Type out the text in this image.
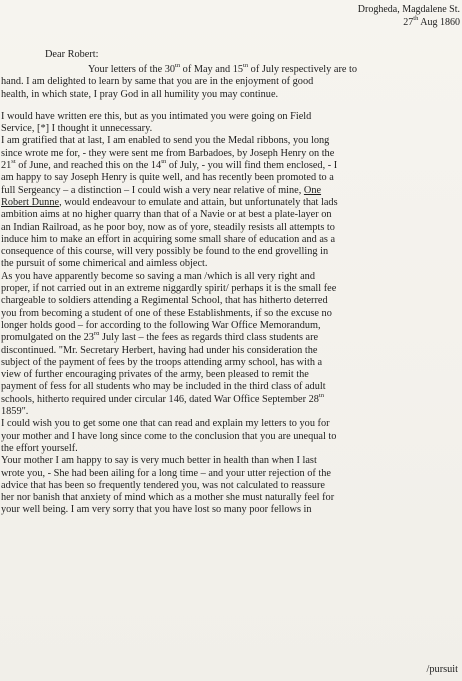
Drogheda, Magdalene St.
27th Aug 1860
Dear Robert:
Your letters of the 30th of May and 15th of July respectively are to
hand. I am delighted to learn by same that you are in the enjoyment of good
health, in which state, I pray God in all humility you may continue.
I would have written ere this, but as you intimated you were going on Field
Service, [*] I thought it unnecessary.
I am gratified that at last, I am enabled to send you the Medal ribbons, you long
since wrote me for, - they were sent me from Barbadoes, by Joseph Henry on the
21st of June, and reached this on the 14th of July, - you will find them enclosed, - I
am happy to say Joseph Henry is quite well, and has recently been promoted to a
full Sergeancy – a distinction – I could wish a very near relative of mine, One
Robert Dunne, would endeavour to emulate and attain, but unfortunately that lads
ambition aims at no higher quarry than that of a Navie or at best a plate-layer on
an Indian Railroad, as he poor boy, now as of yore, steadily resists all attempts to
induce him to make an effort in acquiring some small share of education and as a
consequence of this course, will very possibly be found to the end grovelling in
the pursuit of some chimerical and aimless object.
As you have apparently become so saving a man /which is all very right and
proper, if not carried out in an extreme niggardly spirit/ perhaps it is the small fee
chargeable to soldiers attending a Regimental School, that has hitherto deterred
you from becoming a student of one of these Establishments, if so the excuse no
longer holds good – for according to the following War Office Memorandum,
promulgated on the 23rd July last – the fees as regards third class students are
discontinued. "Mr. Secretary Herbert, having had under his consideration the
subject of the payment of fees by the troops attending army school, has with a
view of further encouraging privates of the army, been pleased to remit the
payment of fess for all students who may be included in the third class of adult
schools, hitherto required under circular 146, dated War Office September 28th
1859".
I could wish you to get some one that can read and explain my letters to you for
your mother and I have long since come to the conclusion that you are unequal to
the effort yourself.
Your mother I am happy to say is very much better in health than when I last
wrote you, - She had been ailing for a long time – and your utter rejection of the
advice that has been so frequently tendered you, was not calculated to reassure
her nor banish that anxiety of mind which as a mother she must naturally feel for
your well being. I am very sorry that you have lost so many poor fellows in
/pursuit
